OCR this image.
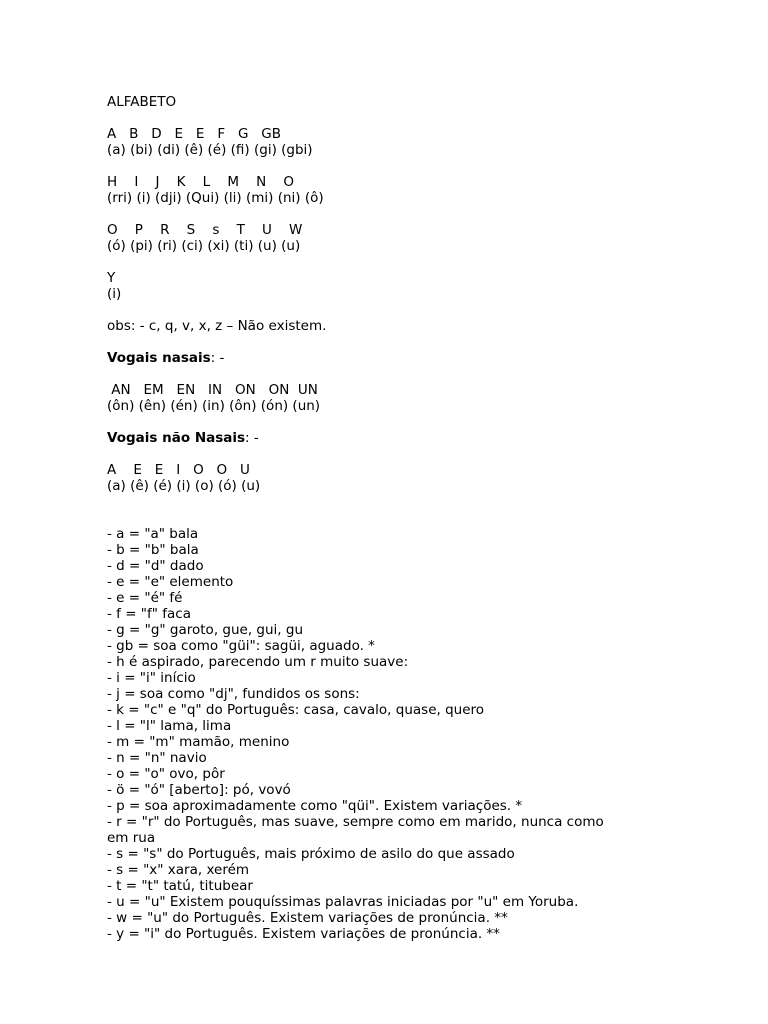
ALFABETO
A   B   D   E   E   F   G   GB
(a) (bi) (di) (ê) (é) (fi) (gi) (gbi)
H    I    J    K    L    M    N    O
(rri) (i) (dji) (Qui) (li) (mi) (ni) (ô)
O    P    R    S    s    T    U    W
(ó) (pi) (ri) (ci) (xi) (ti) (u) (u)
Y
(i)
obs: - c, q, v, x, z – Não existem.
Vogais nasais: -
AN   EM   EN   IN   ON   ON  UN
(ôn) (ên) (én) (in) (ôn) (ón) (un)
Vogais não Nasais: -
A    E   E   I   O   O   U
(a) (ê) (é) (i) (o) (ó) (u)
- a = "a" bala
- b = "b" bala
- d = "d" dado
- e = "e" elemento
- e = "é" fé
- f = "f" faca
- g = "g" garoto, gue, gui, gu
- gb = soa como "güi": sagüi, aguado. *
- h é aspirado, parecendo um r muito suave:
- i = "i" início
- j = soa como "dj", fundidos os sons:
- k = "c" e "q" do Português: casa, cavalo, quase, quero
- l = "l" lama, lima
- m = "m" mamão, menino
- n = "n" navio
- o = "o" ovo, pôr
- ö = "ó" [aberto]: pó, vovó
- p = soa aproximadamente como "qüi". Existem variações. *
- r = "r" do Português, mas suave, sempre como em marido, nunca como em rua
- s = "s" do Português, mais próximo de asilo do que assado
- s = "x" xara, xerém
- t = "t" tatú, titubear
- u = "u" Existem pouquíssimas palavras iniciadas por "u" em Yoruba.
- w = "u" do Português. Existem variações de pronúncia. **
- y = "i" do Português. Existem variações de pronúncia. **
